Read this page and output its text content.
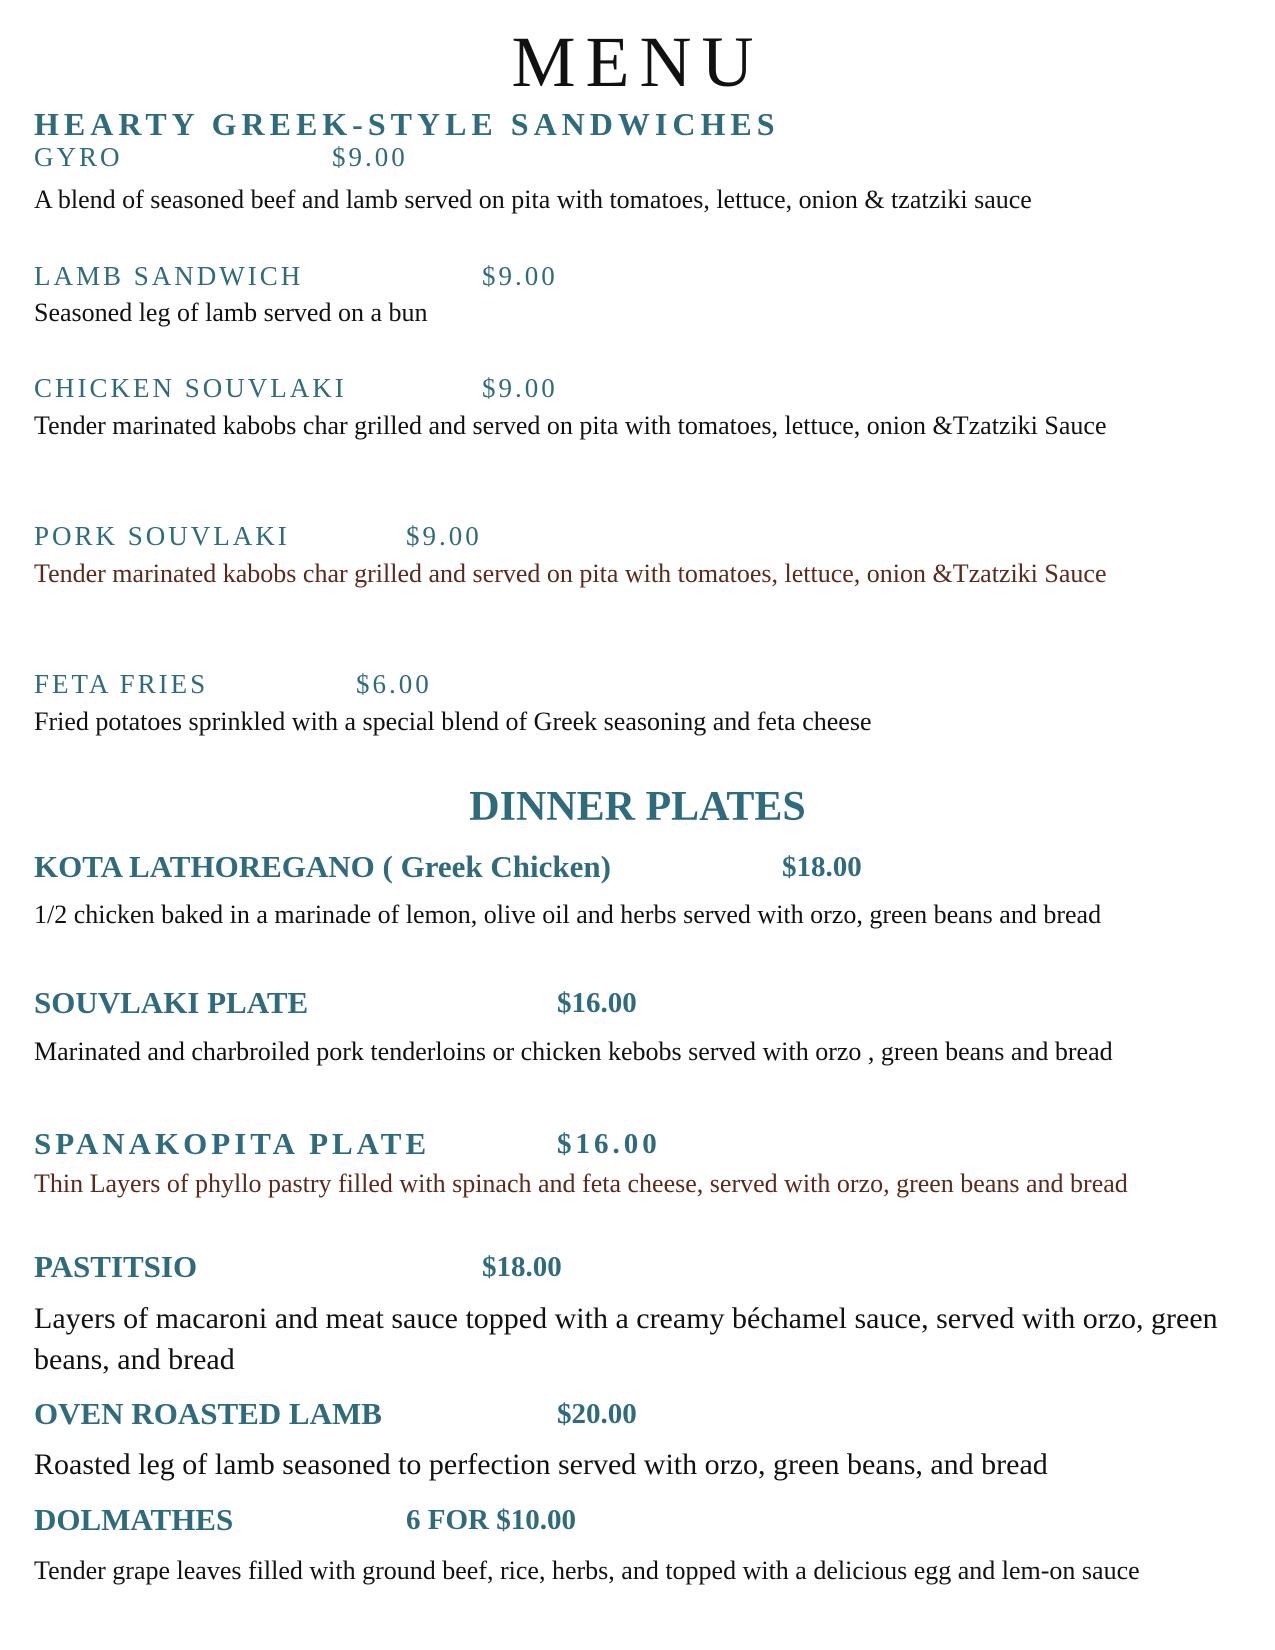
MENU
HEARTY GREEK-STYLE SANDWICHES
GYRO	$9.00
A blend of seasoned beef and lamb served on pita with tomatoes, lettuce, onion & tzatziki sauce
LAMB SANDWICH	$9.00
Seasoned leg of lamb served on a bun
CHICKEN SOUVLAKI	$9.00
Tender marinated kabobs char grilled and served on pita with tomatoes, lettuce, onion &Tzatziki Sauce
PORK SOUVLAKI	$9.00
Tender marinated kabobs char grilled and served on pita with tomatoes, lettuce, onion &Tzatziki Sauce
FETA FRIES	$6.00
Fried potatoes sprinkled with a special blend of Greek seasoning and feta cheese
DINNER PLATES
KOTA LATHOREGANO ( Greek Chicken)	$18.00
1/2 chicken baked in a marinade of lemon, olive oil and herbs served with orzo, green beans and bread
SOUVLAKI PLATE	$16.00
Marinated and charbroiled pork tenderloins or chicken kebobs served with orzo , green beans and bread
SPANAKOPITA PLATE	$16.00
Thin Layers of phyllo pastry filled with spinach and feta cheese, served with orzo, green beans and bread
PASTITSIO	$18.00
Layers of macaroni and meat sauce topped with a creamy béchamel sauce, served with orzo, green beans, and bread
OVEN ROASTED LAMB	$20.00
Roasted leg of lamb seasoned to perfection served with orzo, green beans, and bread
DOLMATHES	6 FOR $10.00
Tender grape leaves filled with ground beef, rice, herbs, and topped with a delicious egg and lem-on sauce
